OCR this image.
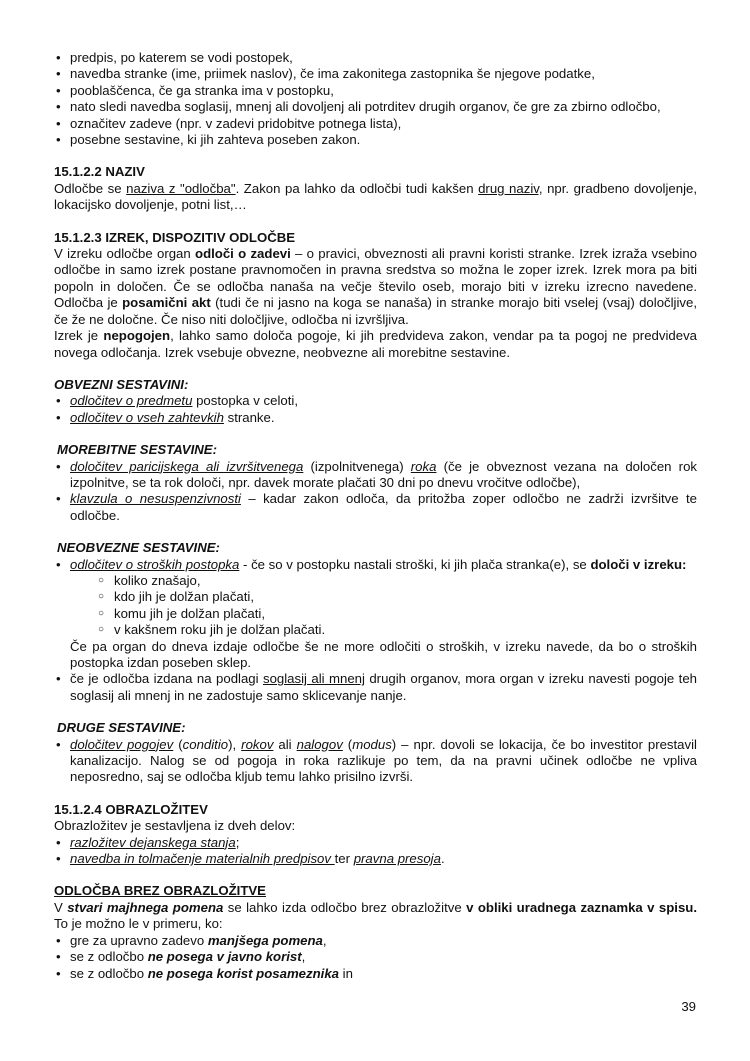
• predpis, po katerem se vodi postopek,
• navedba stranke (ime, priimek naslov), če ima zakonitega zastopnika še njegove podatke,
• pooblaščenca, če ga stranka ima v postopku,
• nato sledi navedba soglasij, mnenj ali dovoljenj ali potrditev drugih organov, če gre za zbirno odločbo,
• označitev zadeve (npr. v zadevi pridobitve potnega lista),
• posebne sestavine, ki jih zahteva poseben zakon.
15.1.2.2 NAZIV

Odločbe se naziva z "odločba". Zakon pa lahko da odločbi tudi kakšen drug naziv, npr. gradbeno dovoljenje, lokacijsko dovoljenje, potni list,…

15.1.2.3 IZREK, DISPOZITIV ODLOČBE

V izreku odločbe organ odloči o zadevi – o pravici, obveznosti ali pravni koristi stranke. Izrek izraža vsebino odločbe in samo izrek postane pravnomočen in pravna sredstva so možna le zoper izrek. Izrek mora pa biti popoln in določen. Če se odločba nanaša na večje število oseb, morajo biti v izreku izrecno navedene. Odločba je posamični akt (tudi če ni jasno na koga se nanaša) in stranke morajo biti vselej (vsaj) določljive, če že ne določne. Če niso niti določljive, odločba ni izvršljiva.

Izrek je nepogojen, lahko samo določa pogoje, ki jih predvideva zakon, vendar pa ta pogoj ne predvideva novega odločanja. Izrek vsebuje obvezne, neobvezne ali morebitne sestavine.

OBVEZNI SESTAVINI:
• odločitev o predmetu postopka v celoti,
• odločitev o vseh zahtevkih stranke.
MOREBITNE SESTAVINE:
• določitev paricijskega ali izvršitvenega (izpolnitvenega) roka (če je obveznost vezana na določen rok izpolnitve, se ta rok določi, npr. davek morate plačati 30 dni po dnevu vročitve odločbe),
• klavzula o nesuspenzivnosti – kadar zakon odloča, da pritožba zoper odločbo ne zadrži izvršitve te odločbe.
NEOBVEZNE SESTAVINE:
• odločitev o stroških postopka - če so v postopku nastali stroški, ki jih plača stranka(e), se določi v izreku:
○ koliko znašajo,
○ kdo jih je dolžan plačati,
○ komu jih je dolžan plačati,
○ v kakšnem roku jih je dolžan plačati.
Če pa organ do dneva izdaje odločbe še ne more odločiti o stroških, v izreku navede, da bo o stroških postopka izdan poseben sklep.
• če je odločba izdana na podlagi soglasij ali mnenj drugih organov, mora organ v izreku navesti pogoje teh soglasij ali mnenj in ne zadostuje samo sklicevanje nanje.
DRUGE SESTAVINE:
• določitev pogojev (conditio), rokov ali nalogov (modus) – npr. dovoli se lokacija, če bo investitor prestavil kanalizacijo. Nalog se od pogoja in roka razlikuje po tem, da na pravni učinek odločbe ne vpliva neposredno, saj se odločba kljub temu lahko prisilno izvrši.
15.1.2.4 OBRAZLOŽITEV

Obrazložitev je sestavljena iz dveh delov:

• razložitev dejanskega stanja;
• navedba in tolmačenje materialnih predpisov ter pravna presoja.
ODLOČBA BREZ OBRAZLOŽITVE

V stvari majhnega pomena se lahko izda odločbo brez obrazložitve v obliki uradnega zaznamka v spisu. To je možno le v primeru, ko:

• gre za upravno zadevo manjšega pomena,
• se z odločbo ne posega v javno korist,
• se z odločbo ne posega korist posameznika in
39
